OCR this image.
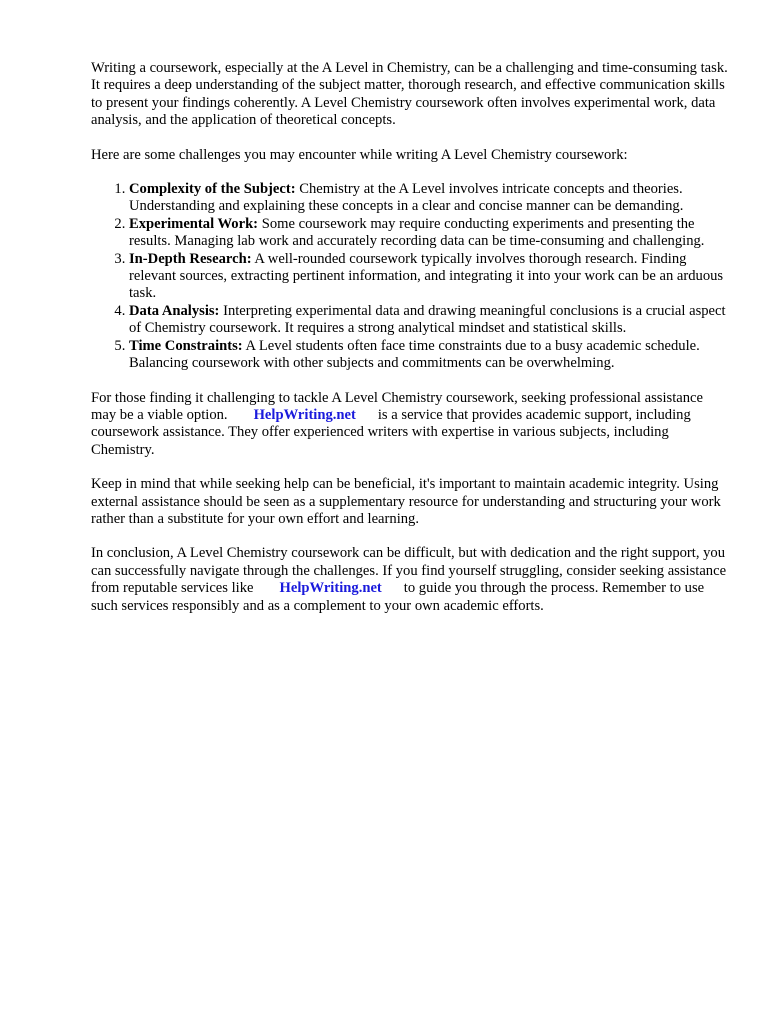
Writing a coursework, especially at the A Level in Chemistry, can be a challenging and time-consuming task. It requires a deep understanding of the subject matter, thorough research, and effective communication skills to present your findings coherently. A Level Chemistry coursework often involves experimental work, data analysis, and the application of theoretical concepts.

Here are some challenges you may encounter while writing A Level Chemistry coursework:

1. Complexity of the Subject: Chemistry at the A Level involves intricate concepts and theories. Understanding and explaining these concepts in a clear and concise manner can be demanding.
2. Experimental Work: Some coursework may require conducting experiments and presenting the results. Managing lab work and accurately recording data can be time-consuming and challenging.
3. In-Depth Research: A well-rounded coursework typically involves thorough research. Finding relevant sources, extracting pertinent information, and integrating it into your work can be an arduous task.
4. Data Analysis: Interpreting experimental data and drawing meaningful conclusions is a crucial aspect of Chemistry coursework. It requires a strong analytical mindset and statistical skills.
5. Time Constraints: A Level students often face time constraints due to a busy academic schedule. Balancing coursework with other subjects and commitments can be overwhelming.

For those finding it challenging to tackle A Level Chemistry coursework, seeking professional assistance may be a viable option. HelpWriting.net is a service that provides academic support, including coursework assistance. They offer experienced writers with expertise in various subjects, including Chemistry.

Keep in mind that while seeking help can be beneficial, it's important to maintain academic integrity. Using external assistance should be seen as a supplementary resource for understanding and structuring your work rather than a substitute for your own effort and learning.

In conclusion, A Level Chemistry coursework can be difficult, but with dedication and the right support, you can successfully navigate through the challenges. If you find yourself struggling, consider seeking assistance from reputable services like HelpWriting.net to guide you through the process. Remember to use such services responsibly and as a complement to your own academic efforts.
